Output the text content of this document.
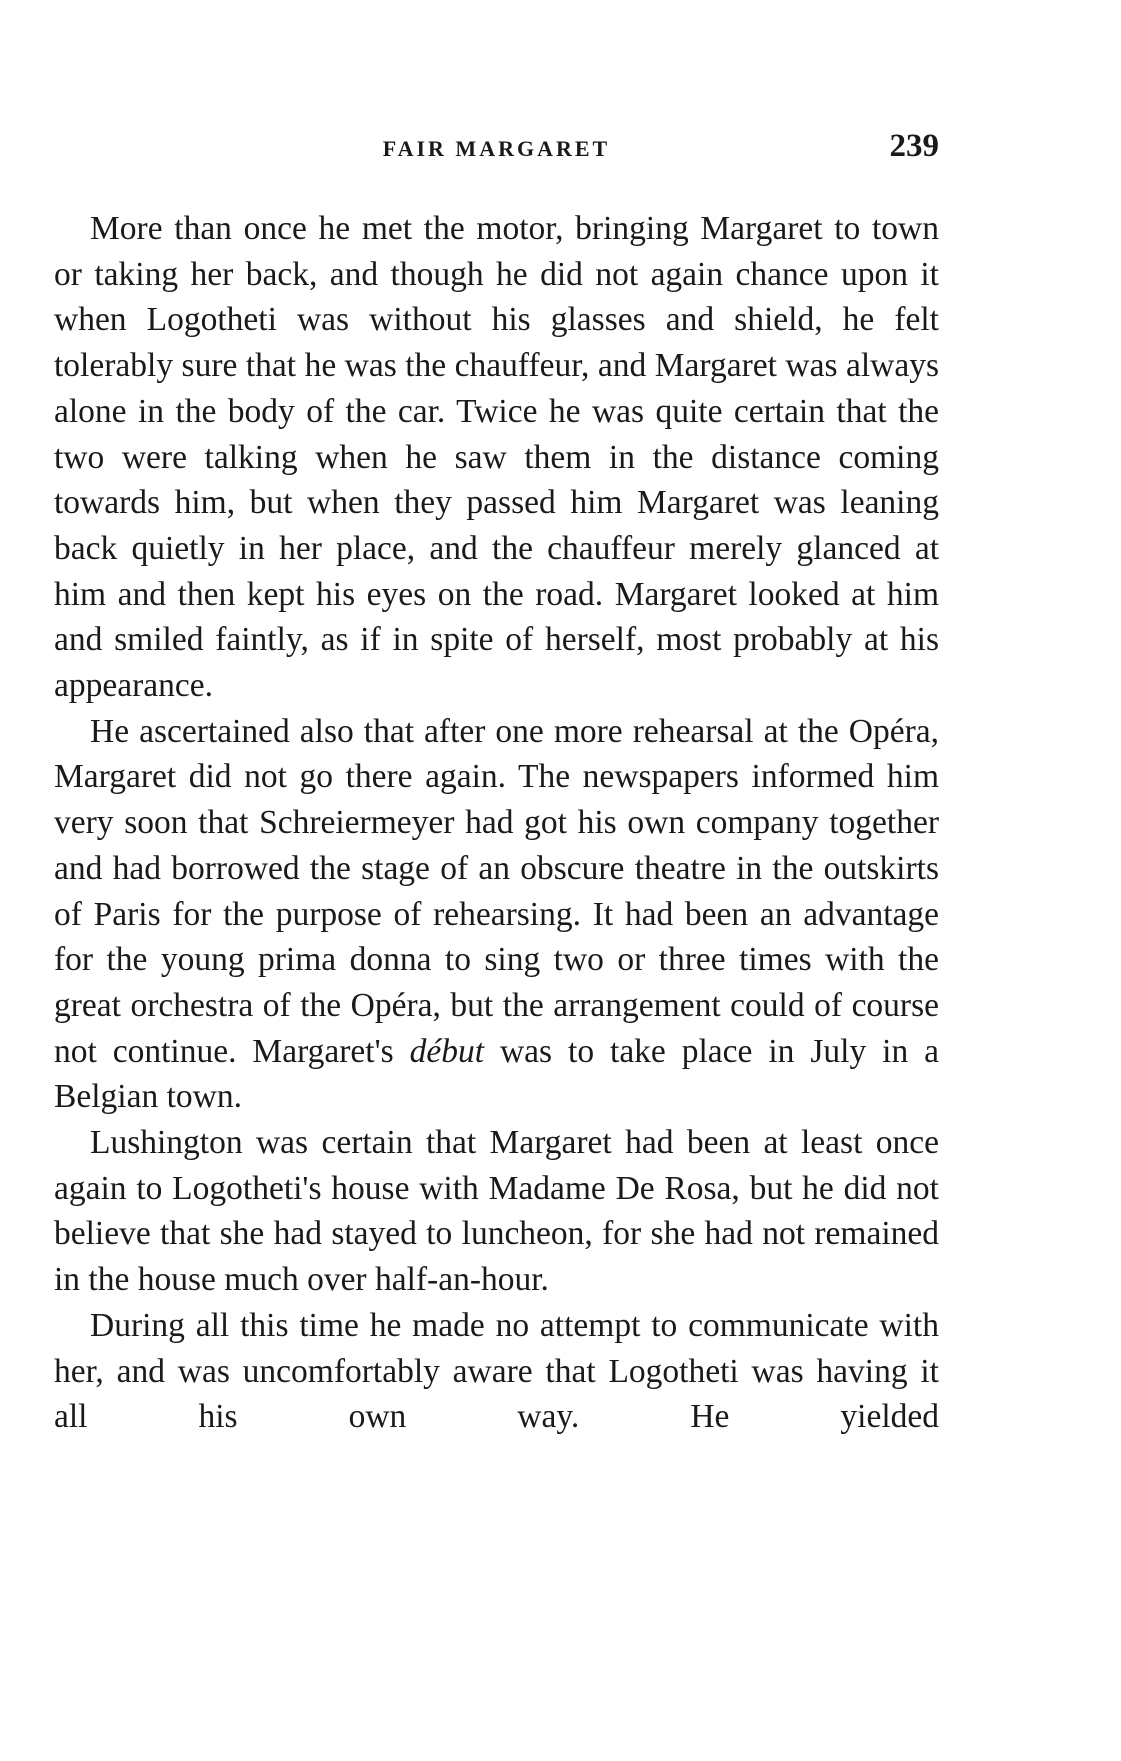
FAIR MARGARET	239

More than once he met the motor, bringing Margaret to town or taking her back, and though he did not again chance upon it when Logotheti was without his glasses and shield, he felt tolerably sure that he was the chauffeur, and Margaret was always alone in the body of the car. Twice he was quite certain that the two were talking when he saw them in the distance coming towards him, but when they passed him Margaret was leaning back quietly in her place, and the chauffeur merely glanced at him and then kept his eyes on the road. Margaret looked at him and smiled faintly, as if in spite of herself, most probably at his appearance.

He ascertained also that after one more rehearsal at the Opéra, Margaret did not go there again. The newspapers informed him very soon that Schreiermeyer had got his own company together and had borrowed the stage of an obscure theatre in the outskirts of Paris for the purpose of rehearsing. It had been an advantage for the young prima donna to sing two or three times with the great orchestra of the Opéra, but the arrangement could of course not continue. Margaret's début was to take place in July in a Belgian town.

Lushington was certain that Margaret had been at least once again to Logotheti's house with Madame De Rosa, but he did not believe that she had stayed to luncheon, for she had not remained in the house much over half-an-hour.

During all this time he made no attempt to communicate with her, and was uncomfortably aware that Logotheti was having it all his own way. He yielded
